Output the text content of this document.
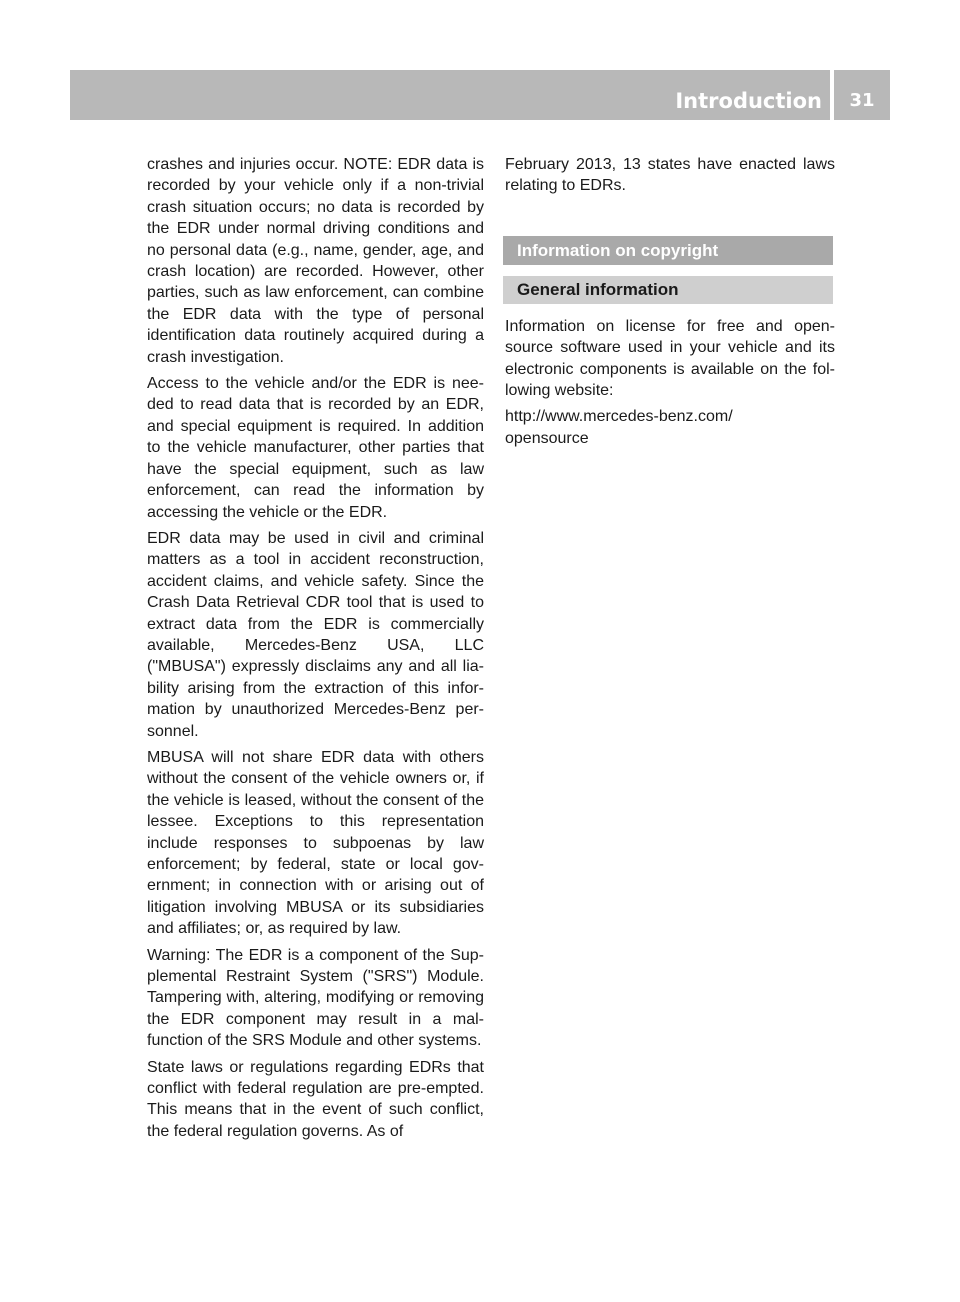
Introduction	31

crashes and injuries occur. NOTE: EDR data is recorded by your vehicle only if a non-trivial crash situation occurs; no data is recorded by the EDR under normal driving conditions and no personal data (e.g., name, gender, age, and crash location) are recorded. However, other parties, such as law enforcement, can combine the EDR data with the type of personal identification data routinely acquired during a crash investigation.

Access to the vehicle and/or the EDR is needed to read data that is recorded by an EDR, and special equipment is required. In addition to the vehicle manufacturer, other parties that have the special equipment, such as law enforcement, can read the information by accessing the vehicle or the EDR.

EDR data may be used in civil and criminal matters as a tool in accident reconstruction, accident claims, and vehicle safety. Since the Crash Data Retrieval CDR tool that is used to extract data from the EDR is commercially available, Mercedes-Benz USA, LLC ("MBUSA") expressly disclaims any and all liability arising from the extraction of this information by unauthorized Mercedes-Benz personnel.

MBUSA will not share EDR data with others without the consent of the vehicle owners or, if the vehicle is leased, without the consent of the lessee. Exceptions to this representation include responses to subpoenas by law enforcement; by federal, state or local government; in connection with or arising out of litigation involving MBUSA or its subsidiaries and affiliates; or, as required by law.

Warning: The EDR is a component of the Supplemental Restraint System ("SRS") Module. Tampering with, altering, modifying or removing the EDR component may result in a malfunction of the SRS Module and other systems.

State laws or regulations regarding EDRs that conflict with federal regulation are pre-empted. This means that in the event of such conflict, the federal regulation governs. As of

February 2013, 13 states have enacted laws relating to EDRs.

Information on copyright
General information

Information on license for free and open-source software used in your vehicle and its electronic components is available on the following website:

http://www.mercedes-benz.com/
opensource
